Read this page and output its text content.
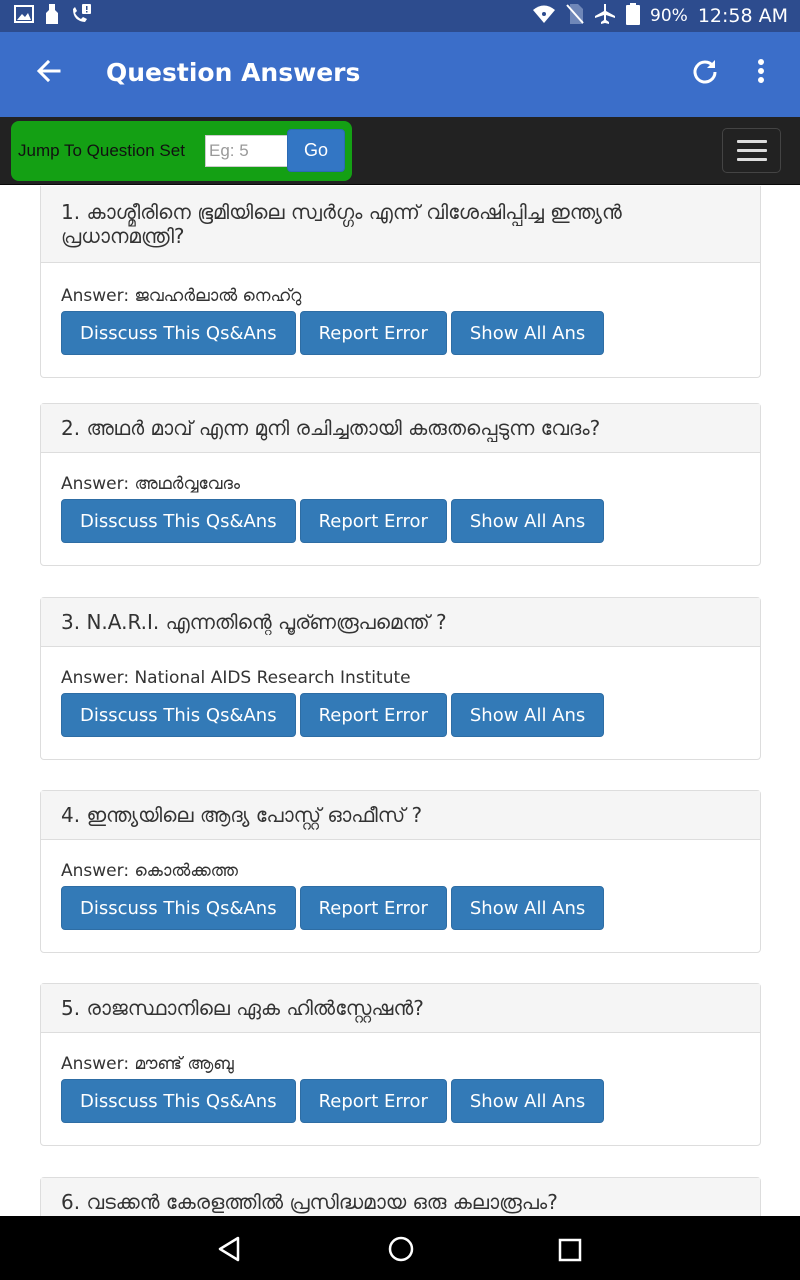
90% 12:58 AM
Question Answers
Jump To Question Set
Eg: 5	Go
1. കാശ്മീരിനെ ഭൂമിയിലെ സ്വർഗ്ഗം എന്ന് വിശേഷിപ്പിച്ച ഇന്ത്യൻ പ്രധാനമന്ത്രി?
Answer: ജവഹർലാൽ നെഹ്റു
Disscuss This Qs&Ans	Report Error	Show All Ans
2. അഥർ മാവ് എന്ന മുനി രചിച്ചതായി കരുതപ്പെടുന്ന വേദം?
Answer: അഥർവ്വവേദം
Disscuss This Qs&Ans	Report Error	Show All Ans
3. N.A.R.I. എന്നതിന്റെ പൂര്ണരൂപമെന്ത് ?
Answer: National AIDS Research Institute
Disscuss This Qs&Ans	Report Error	Show All Ans
4. ഇന്ത്യയിലെ ആദ്യ പോസ്റ്റ് ഓഫീസ് ?
Answer: കൊൽക്കത്ത
Disscuss This Qs&Ans	Report Error	Show All Ans
5. രാജസ്ഥാനിലെ ഏക ഹിൽസ്റ്റേഷൻ?
Answer: മൗണ്ട് ആബു
Disscuss This Qs&Ans	Report Error	Show All Ans
6. വടക്കൻ കേരളത്തിൽ പ്രസിദ്ധമായ ഒരു കലാരൂപം?
